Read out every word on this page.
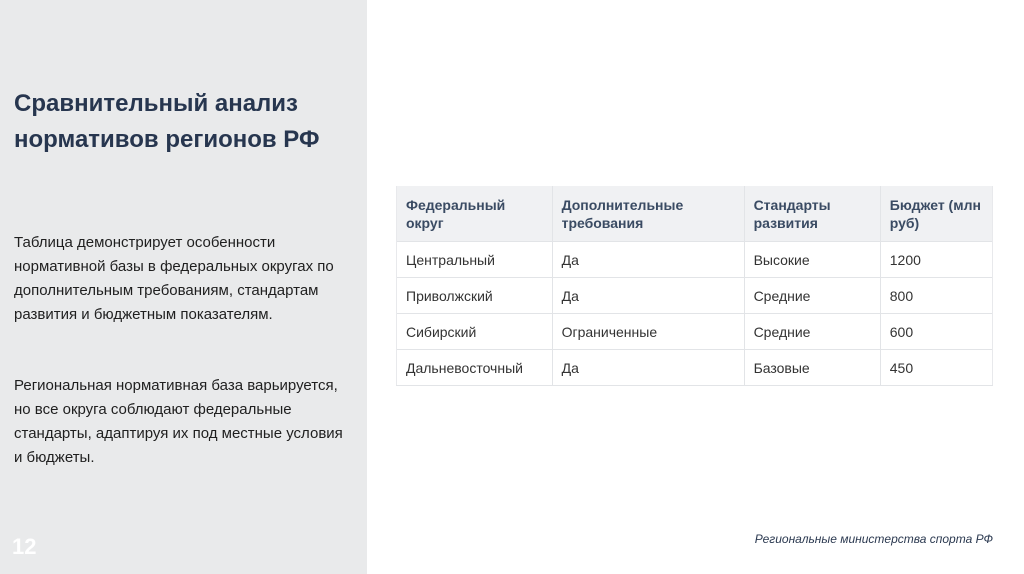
Сравнительный анализ нормативов регионов РФ
Таблица демонстрирует особенности нормативной базы в федеральных округах по дополнительным требованиям, стандартам развития и бюджетным показателям.
Региональная нормативная база варьируется, но все округа соблюдают федеральные стандарты, адаптируя их под местные условия и бюджеты.
12
Федеральный округ	Дополнительные требования	Стандарты развития	Бюджет (млн руб)
Центральный	Да	Высокие	1200
Приволжский	Да	Средние	800
Сибирский	Ограниченные	Средние	600
Дальневосточный	Да	Базовые	450
Региональные министерства спорта РФ
